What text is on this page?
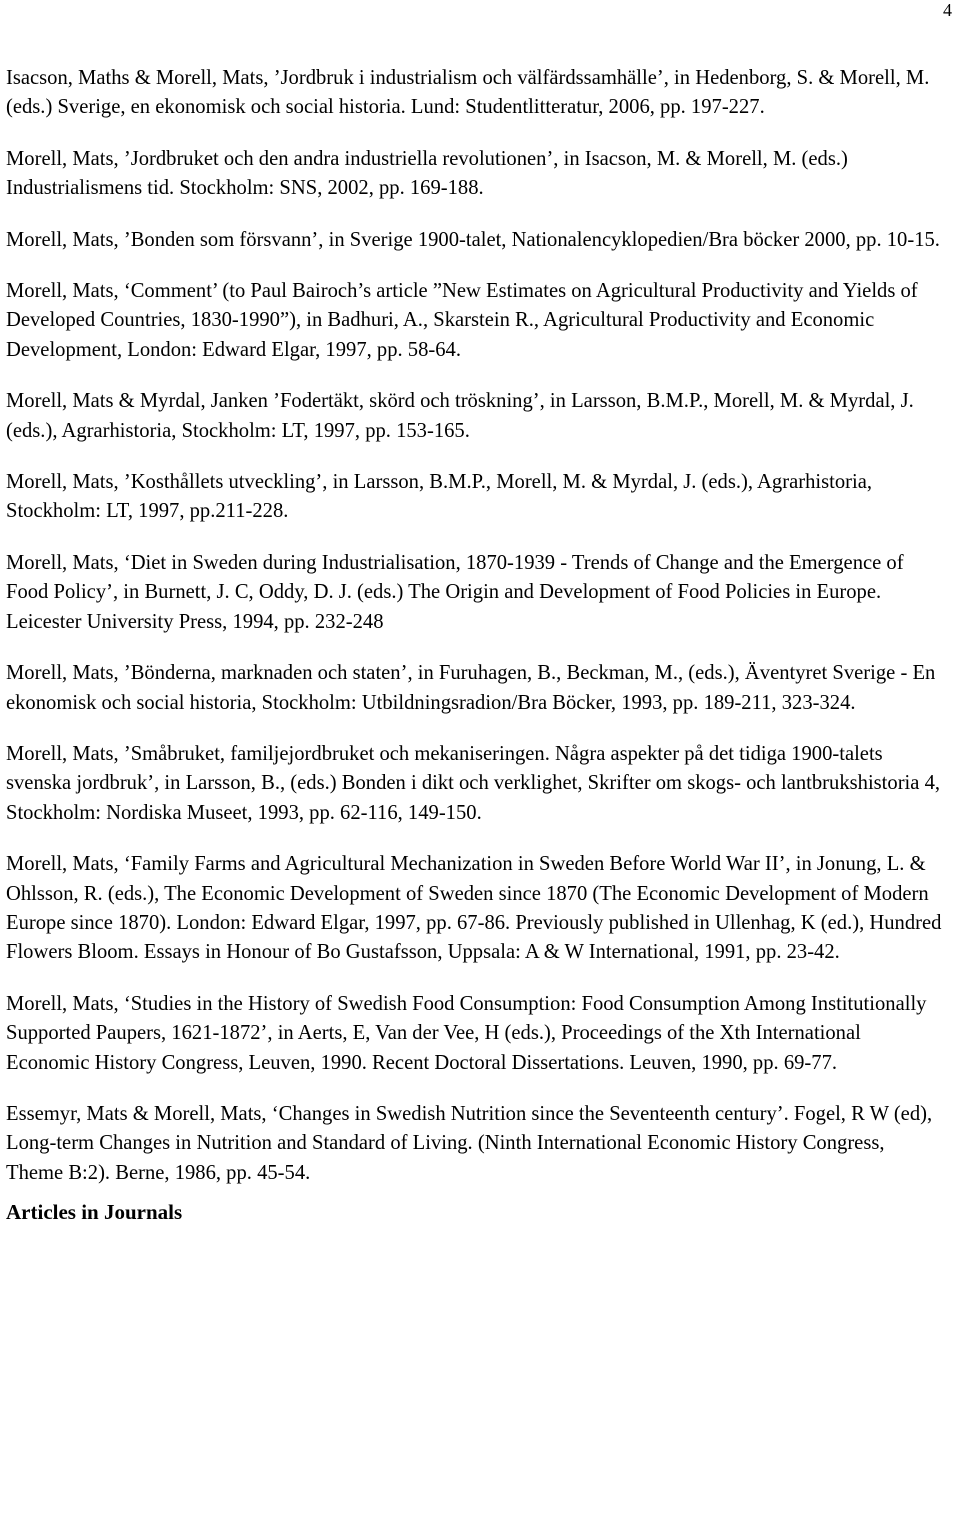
4

Isacson, Maths & Morell, Mats, ’Jordbruk i industrialism och välfärdssamhälle’, in Hedenborg, S. & Morell, M. (eds.) Sverige, en ekonomisk och social historia. Lund: Studentlitteratur, 2006, pp. 197-227.

Morell, Mats, ’Jordbruket och den andra industriella revolutionen’, in Isacson, M. & Morell, M. (eds.) Industrialismens tid. Stockholm: SNS, 2002, pp. 169-188.

Morell, Mats, ’Bonden som försvann’, in Sverige 1900-talet, Nationalencyklopedien/Bra böcker 2000, pp. 10-15.

Morell, Mats, ‘Comment’ (to Paul Bairoch’s article ”New Estimates on Agricultural Productivity and Yields of Developed Countries, 1830-1990”), in Badhuri, A., Skarstein R., Agricultural Productivity and Economic Development, London: Edward Elgar, 1997, pp. 58-64.

Morell, Mats & Myrdal, Janken ’Fodertäkt, skörd och tröskning’, in Larsson, B.M.P., Morell, M. & Myrdal, J. (eds.), Agrarhistoria, Stockholm: LT, 1997, pp. 153-165.

Morell, Mats, ’Kosthållets utveckling’, in Larsson, B.M.P., Morell, M. & Myrdal, J. (eds.), Agrarhistoria, Stockholm: LT, 1997, pp.211-228.

Morell, Mats, ‘Diet in Sweden during Industrialisation, 1870-1939 - Trends of Change and the Emergence of Food Policy’, in Burnett, J. C, Oddy, D. J. (eds.) The Origin and Development of Food Policies in Europe. Leicester University Press, 1994, pp. 232-248

Morell, Mats, ’Bönderna, marknaden och staten’, in Furuhagen, B., Beckman, M., (eds.), Äventyret Sverige - En ekonomisk och social historia, Stockholm: Utbildningsradion/Bra Böcker, 1993, pp. 189-211, 323-324.

Morell, Mats, ’Småbruket, familjejordbruket och mekaniseringen. Några aspekter på det tidiga 1900-talets svenska jordbruk’, in Larsson, B., (eds.) Bonden i dikt och verklighet, Skrifter om skogs- och lantbrukshistoria 4, Stockholm: Nordiska Museet, 1993, pp. 62-116, 149-150.

Morell, Mats, ‘Family Farms and Agricultural Mechanization in Sweden Before World War II’, in Jonung, L. & Ohlsson, R. (eds.), The Economic Development of Sweden since 1870 (The Economic Development of Modern Europe since 1870). London: Edward Elgar, 1997, pp. 67-86. Previously published in Ullenhag, K (ed.), Hundred Flowers Bloom. Essays in Honour of Bo Gustafsson, Uppsala: A & W International, 1991, pp. 23-42.

Morell, Mats, ‘Studies in the History of Swedish Food Consumption: Food Consumption Among Institutionally Supported Paupers, 1621-1872’, in Aerts, E, Van der Vee, H (eds.), Proceedings of the Xth International Economic History Congress, Leuven, 1990. Recent Doctoral Dissertations. Leuven, 1990, pp. 69-77.

Essemyr, Mats & Morell, Mats, ‘Changes in Swedish Nutrition since the Seventeenth century’. Fogel, R W (ed), Long-term Changes in Nutrition and Standard of Living. (Ninth International Economic History Congress, Theme B:2). Berne, 1986, pp. 45-54.

Articles in Journals
